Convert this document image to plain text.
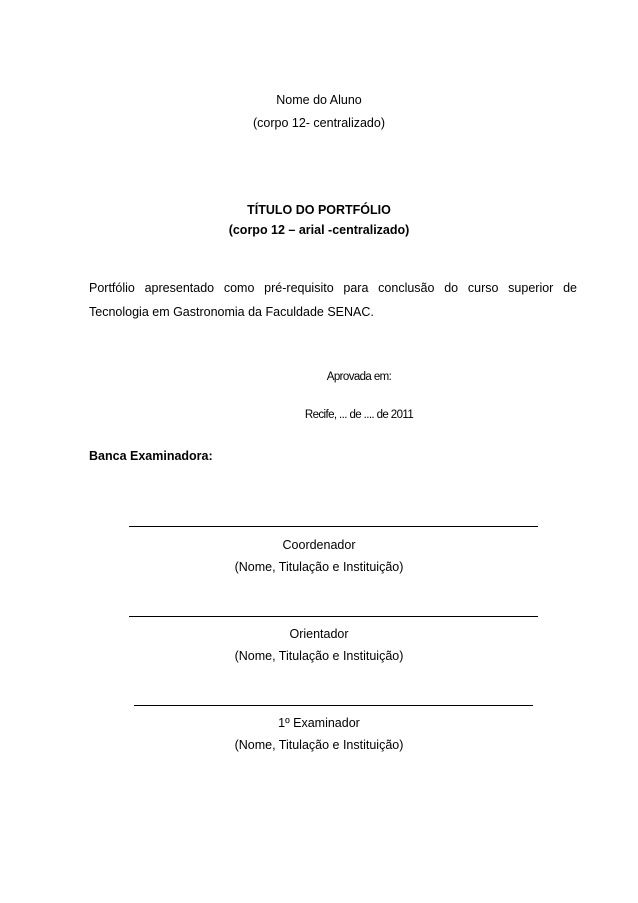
Nome do Aluno
(corpo 12- centralizado)
TÍTULO DO PORTFÓLIO
(corpo 12 – arial -centralizado)
Portfólio apresentado como pré-requisito para conclusão do curso superior de Tecnologia em Gastronomia da Faculdade SENAC.
Aprovada em:
Recife, ... de .... de 2011
Banca Examinadora:
Coordenador
(Nome, Titulação e Instituição)
Orientador
(Nome, Titulação e Instituição)
1º Examinador
(Nome, Titulação e Instituição)
